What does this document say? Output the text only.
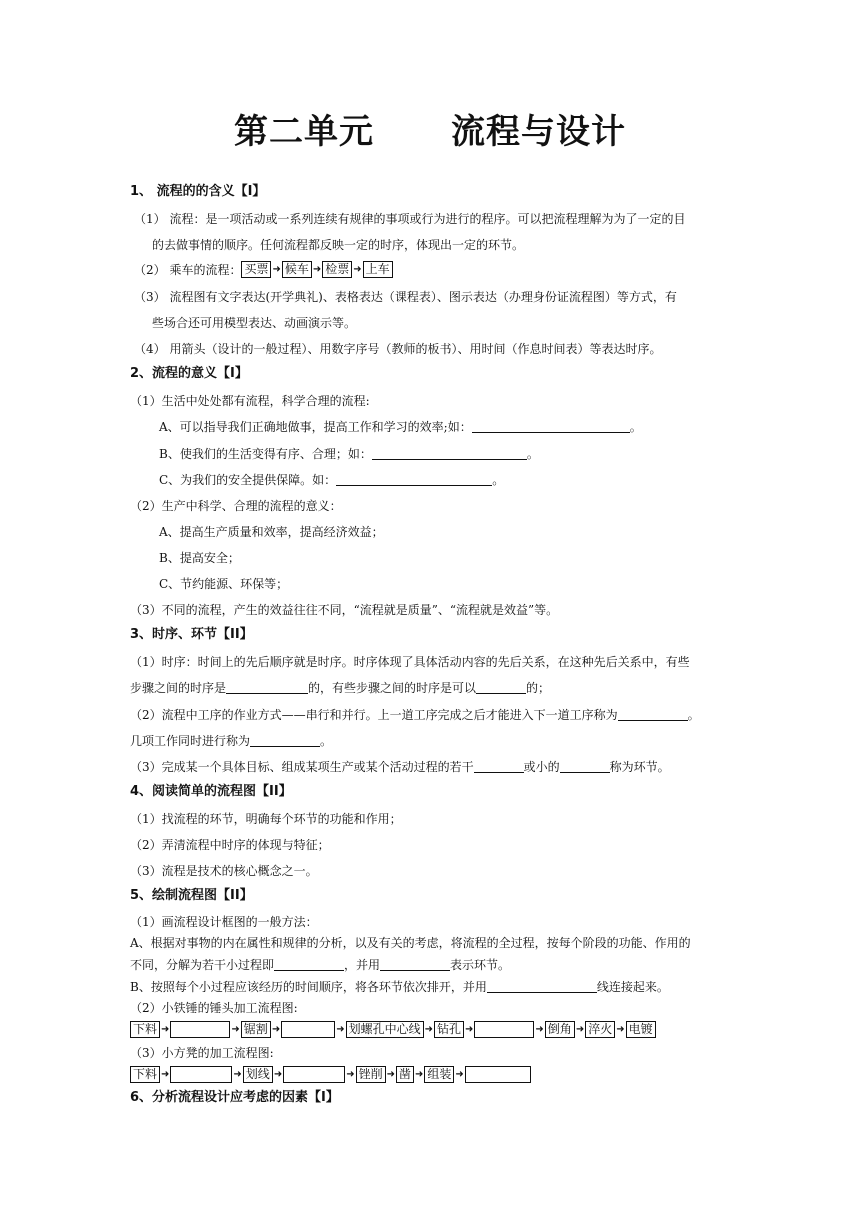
第二单元      流程与设计
1、 流程的的含义【I】
（1） 流程：是一项活动或一系列连续有规律的事项或行为进行的程序。可以把流程理解为为了一定的目
的去做事情的顺序。任何流程都反映一定的时序，体现出一定的环节。
（2） 乘车的流程： 买票 ➜ 候车 ➜ 检票 ➜ 上车
（3） 流程图有文字表达(开学典礼)、表格表达（课程表）、图示表达（办理身份证流程图）等方式，有
些场合还可用模型表达、动画演示等。
（4） 用箭头（设计的一般过程）、用数字序号（教师的板书）、用时间（作息时间表）等表达时序。
2、流程的意义【I】
（1）生活中处处都有流程，科学合理的流程:
A、可以指导我们正确地做事，提高工作和学习的效率;如：	。
B、使我们的生活变得有序、合理；如：	。
C、为我们的安全提供保障。如：	。
（2）生产中科学、合理的流程的意义：
A、提高生产质量和效率，提高经济效益；
B、提高安全；
C、节约能源、环保等；
（3）不同的流程，产生的效益往往不同，“流程就是质量”、“流程就是效益”等。
3、时序、环节【II】
（1）时序：时间上的先后顺序就是时序。时序体现了具体活动内容的先后关系，在这种先后关系中，有些
步骤之间的时序是	的，有些步骤之间的时序是可以	的；
（2）流程中工序的作业方式——串行和并行。上一道工序完成之后才能进入下一道工序称为	。
几项工作同时进行称为	。
（3）完成某一个具体目标、组成某项生产或某个活动过程的若干	或小的	称为环节。
4、阅读简单的流程图【II】
（1）找流程的环节，明确每个环节的功能和作用；
（2）弄清流程中时序的体现与特征；
（3）流程是技术的核心概念之一。
5、绘制流程图【II】
（1）画流程设计框图的一般方法：
A、根据对事物的内在属性和规律的分析，以及有关的考虑，将流程的全过程，按每个阶段的功能、作用的
不同，分解为若干小过程即	，并用	表示环节。
B、按照每个小过程应该经历的时间顺序，将各环节依次排开，并用	线连接起来。
（2）小铁锤的锤头加工流程图:
下料 ➜	➜ 锯割 ➜	➜ 划螺孔中心线 ➜ 钻孔 ➜	➜ 倒角 ➜ 淬火 ➜ 电镀
（3）小方凳的加工流程图:
下料 ➜	➜ 划线 ➜	➜ 锉削 ➜ 凿 ➜ 组装 ➜
6、分析流程设计应考虑的因素【I】
